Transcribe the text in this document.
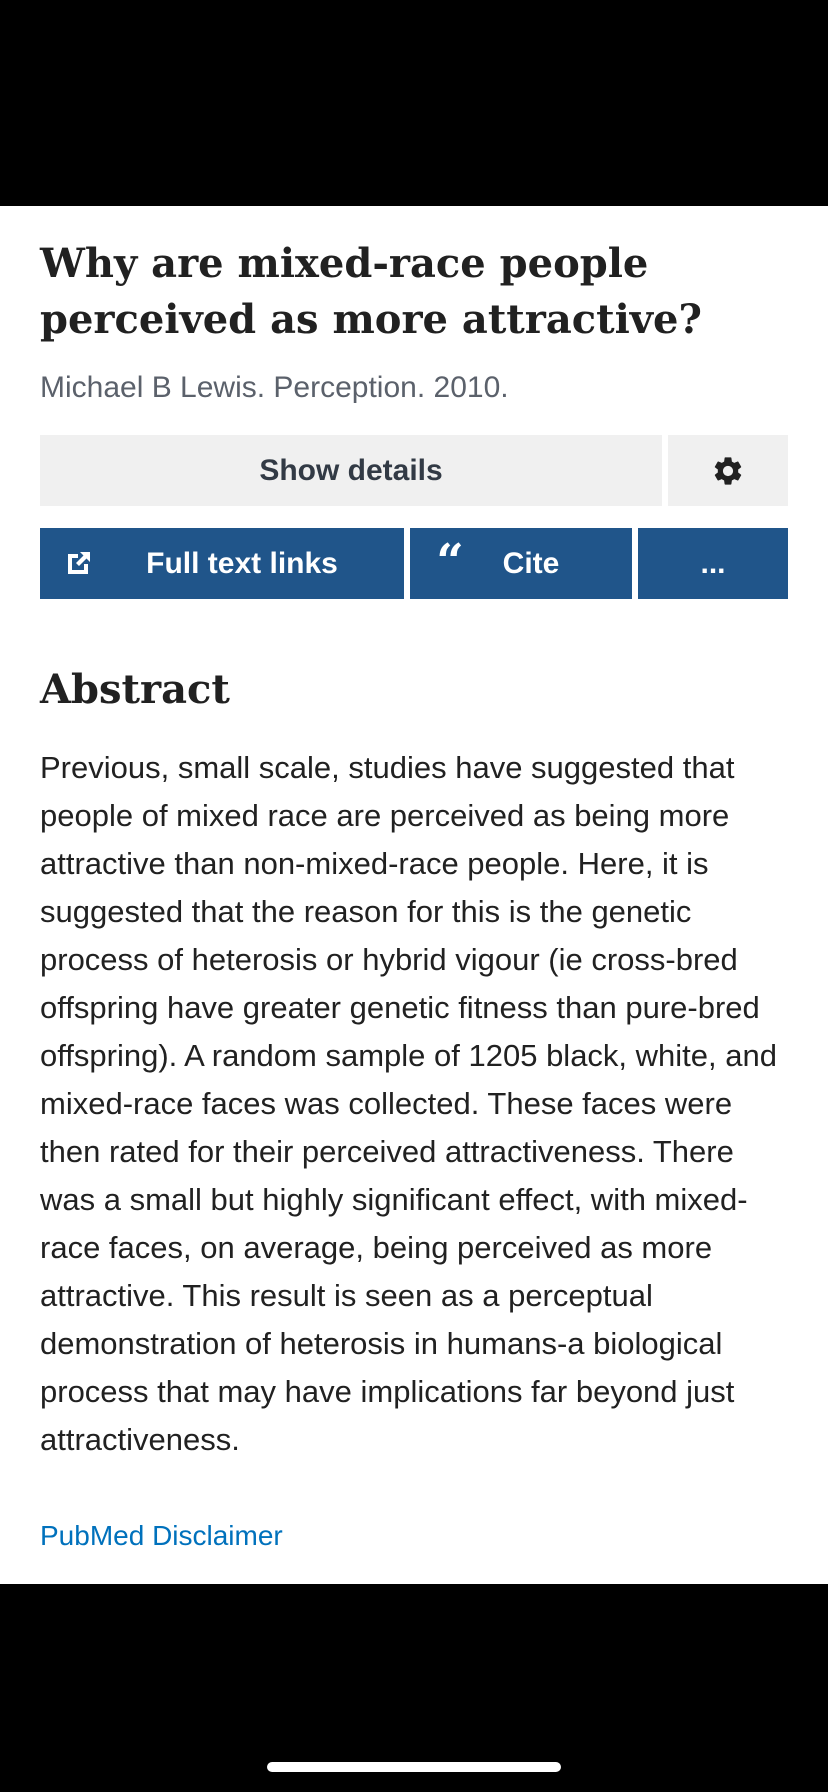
Why are mixed-race people perceived as more attractive?
Michael B Lewis. Perception. 2010.
Show details
Full text links “ Cite	...
Abstract

Previous, small scale, studies have suggested that people of mixed race are perceived as being more attractive than non-mixed-race people. Here, it is suggested that the reason for this is the genetic process of heterosis or hybrid vigour (ie cross-bred offspring have greater genetic fitness than pure-bred offspring). A random sample of 1205 black, white, and mixed-race faces was collected. These faces were then rated for their perceived attractiveness. There was a small but highly significant effect, with mixed-race faces, on average, being perceived as more attractive. This result is seen as a perceptual demonstration of heterosis in humans-a biological process that may have implications far beyond just attractiveness.

PubMed Disclaimer
